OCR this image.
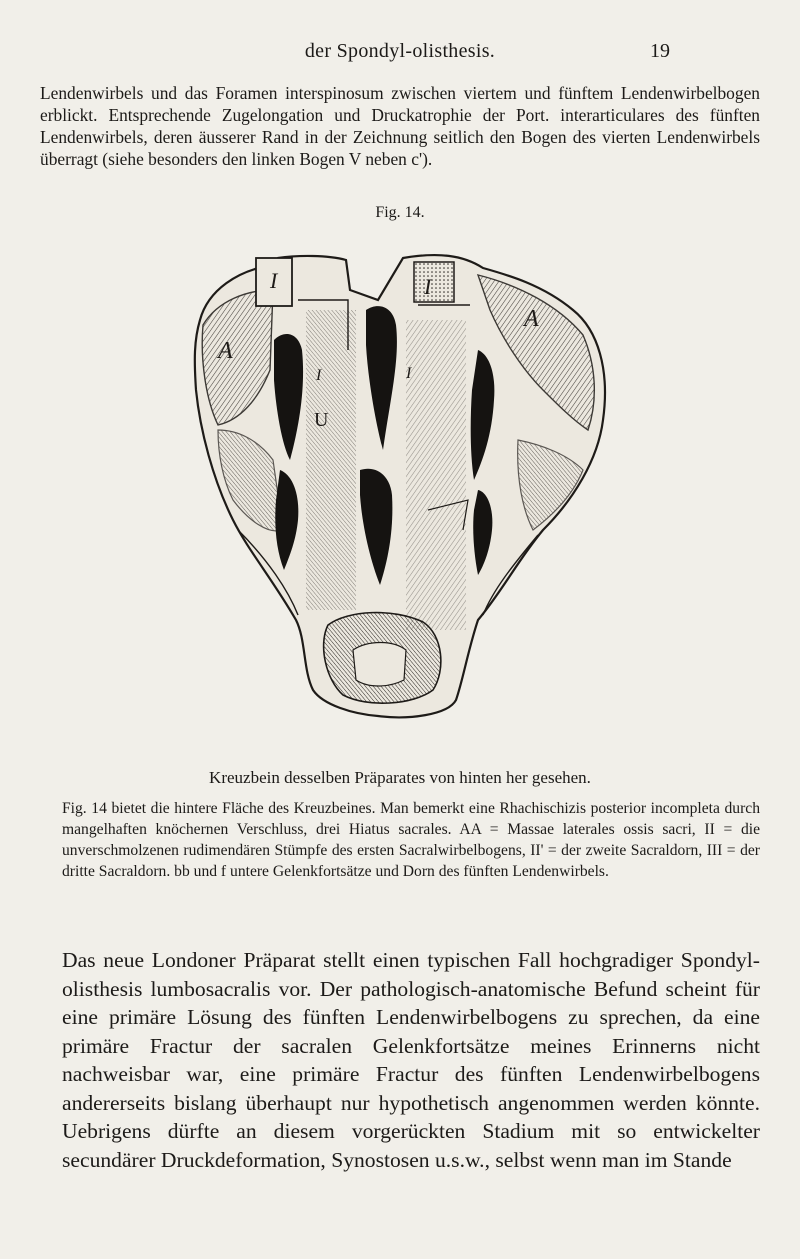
der Spondyl-olisthesis.	19

Lendenwirbels und das Foramen interspinosum zwischen viertem und fünftem Lendenwirbelbogen erblickt. Entsprechende Zugelongation und Druckatrophie der Port. interarticulares des fünften Lendenwirbels, deren äusserer Rand in der Zeichnung seitlich den Bogen des vierten Lendenwirbels überragt (siehe besonders den linken Bogen V neben c').

Fig. 14.
A
A
I	I
I	I
U
Kreuzbein desselben Präparates von hinten her gesehen.

Fig. 14 bietet die hintere Fläche des Kreuzbeines. Man bemerkt eine Rhachischizis posterior incompleta durch mangelhaften knöchernen Verschluss, drei Hiatus sacrales. AA = Massae laterales ossis sacri, II = die unverschmolzenen rudimendären Stümpfe des ersten Sacralwirbelbogens, II' = der zweite Sacraldorn, III = der dritte Sacraldorn. bb und f untere Gelenkfortsätze und Dorn des fünften Lendenwirbels.

Das neue Londoner Präparat stellt einen typischen Fall hochgradiger Spondyl-olisthesis lumbosacralis vor. Der pathologisch-anatomische Befund scheint für eine primäre Lösung des fünften Lendenwirbelbogens zu sprechen, da eine primäre Fractur der sacralen Gelenkfortsätze meines Erinnerns nicht nachweisbar war, eine primäre Fractur des fünften Lendenwirbelbogens andererseits bislang überhaupt nur hypothetisch angenommen werden könnte. Uebrigens dürfte an diesem vorgerückten Stadium mit so entwickelter secundärer Druckdeformation, Synostosen u.s.w., selbst wenn man im Stande
